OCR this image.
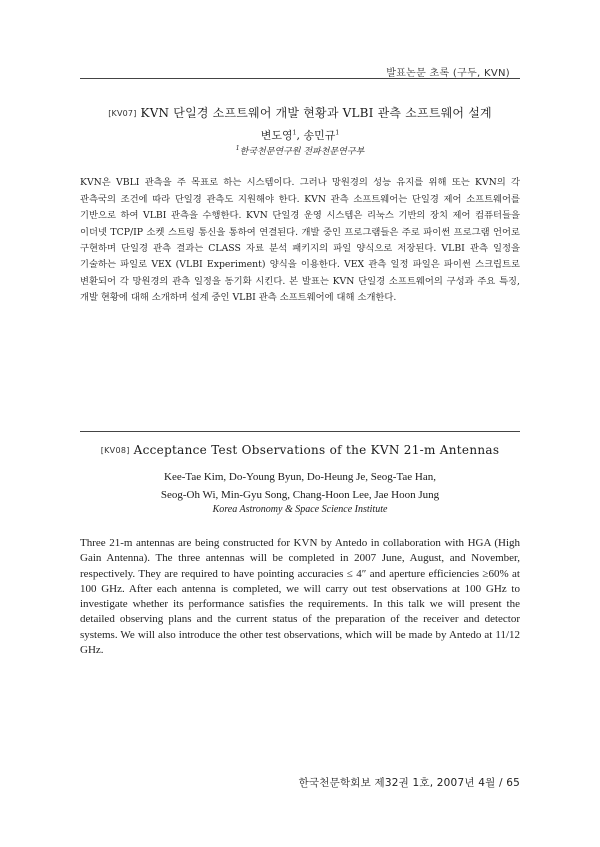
발표논문 초록 (구두, KVN)
[KV07] KVN 단일경 소프트웨어 개발 현황과 VLBI 관측 소프트웨어 설계
변도영$^1$, 송민규$^1$
$^1$한국천문연구원 전파천문연구부

KVN은 VBLI 관측을 주 목표로 하는 시스템이다. 그러나 망원경의 성능 유지를 위해 또는 KVN의 각 관측국의 조건에 따라 단일경 관측도 지원해야 한다. KVN 관측 소프트웨어는 단일경 제어 소프트웨어를 기반으로 하여 VLBI 관측을 수행한다. KVN 단일경 운영 시스템은 리눅스 기반의 장치 제어 컴퓨터들을 이더넷 TCP/IP 소켓 스트링 통신을 통하여 연결된다. 개발 중인 프로그램들은 주로 파이썬 프로그램 언어로 구현하며 단일경 관측 결과는 CLASS 자료 분석 패키지의 파일 양식으로 저장된다. VLBI 관측 일정을 기술하는 파일로 VEX (VLBI Experiment) 양식을 이용한다. VEX 관측 일정 파일은 파이썬 스크립트로 변환되어 각 망원경의 관측 일정을 동기화 시킨다. 본 발표는 KVN 단일경 소프트웨어의 구성과 주요 특징, 개발 현황에 대해 소개하며 설계 중인 VLBI 관측 소프트웨어에 대해 소개한다.

[KV08] Acceptance Test Observations of the KVN 21-m Antennas
Kee-Tae Kim, Do-Young Byun, Do-Heung Je, Seog-Tae Han,
Seog-Oh Wi, Min-Gyu Song, Chang-Hoon Lee, Jae Hoon Jung
Korea Astronomy & Space Science Institute

Three 21-m antennas are being constructed for KVN by Antedo in collaboration with HGA (High Gain Antenna). The three antennas will be completed in 2007 June, August, and November, respectively. They are required to have pointing accuracies ≤ 4″ and aperture efficiencies ≥60% at 100 GHz. After each antenna is completed, we will carry out test observations at 100 GHz to investigate whether its performance satisfies the requirements. In this talk we will present the detailed observing plans and the current status of the preparation of the receiver and detector systems. We will also introduce the other test observations, which will be made by Antedo at 11/12 GHz.

한국천문학회보 제32권 1호, 2007년 4월 / 65
